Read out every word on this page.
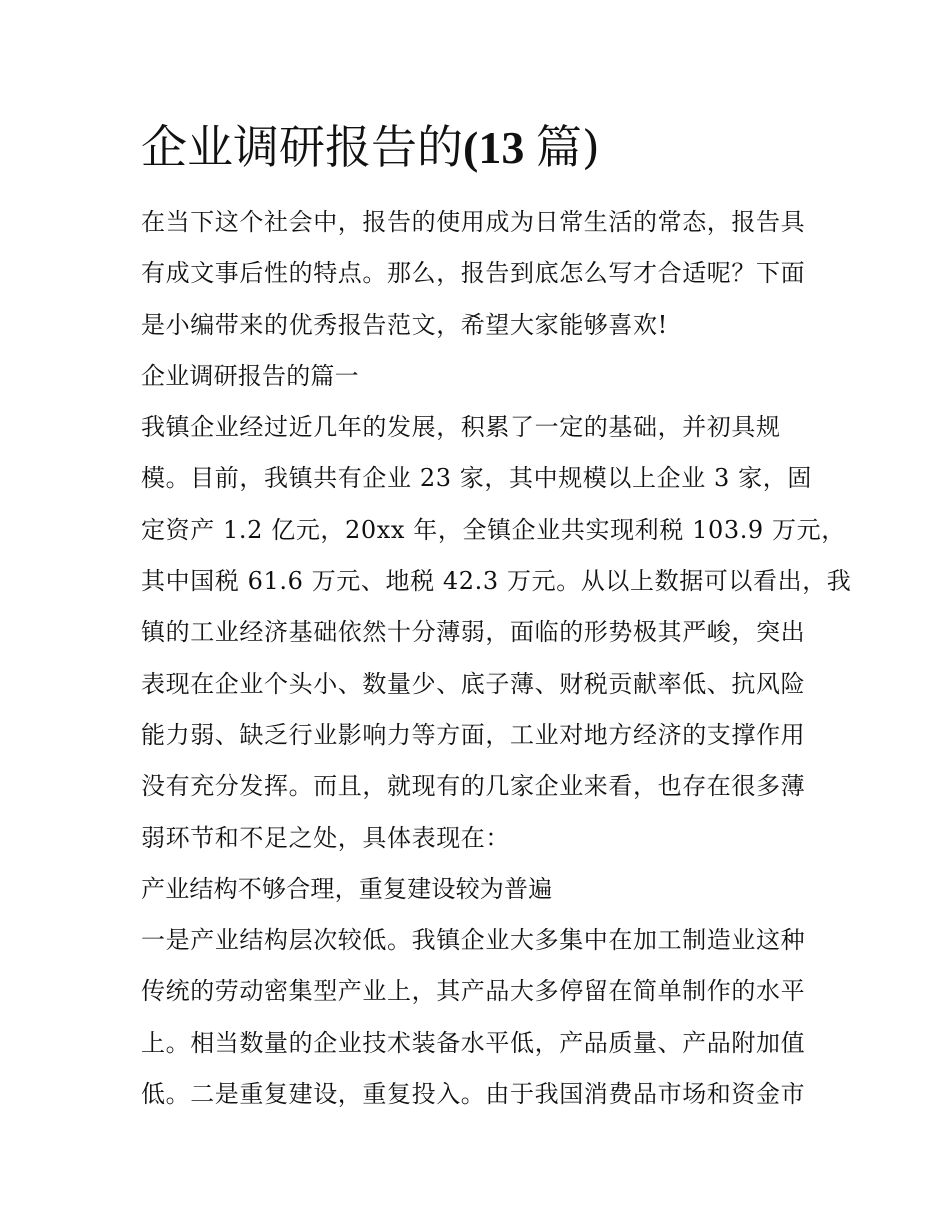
企业调研报告的(13 篇)
在当下这个社会中，报告的使用成为日常生活的常态，报告具
有成文事后性的特点。那么，报告到底怎么写才合适呢？下面
是小编带来的优秀报告范文，希望大家能够喜欢!
企业调研报告的篇一
我镇企业经过近几年的发展，积累了一定的基础，并初具规
模。目前，我镇共有企业 23 家，其中规模以上企业 3 家，固
定资产 1.2 亿元，20xx 年，全镇企业共实现利税 103.9 万元，
其中国税 61.6 万元、地税 42.3 万元。从以上数据可以看出，我
镇的工业经济基础依然十分薄弱，面临的形势极其严峻，突出
表现在企业个头小、数量少、底子薄、财税贡献率低、抗风险
能力弱、缺乏行业影响力等方面，工业对地方经济的支撑作用
没有充分发挥。而且，就现有的几家企业来看，也存在很多薄
弱环节和不足之处，具体表现在：
产业结构不够合理，重复建设较为普遍
一是产业结构层次较低。我镇企业大多集中在加工制造业这种
传统的劳动密集型产业上，其产品大多停留在简单制作的水平
上。相当数量的企业技术装备水平低，产品质量、产品附加值
低。二是重复建设，重复投入。由于我国消费品市场和资金市
